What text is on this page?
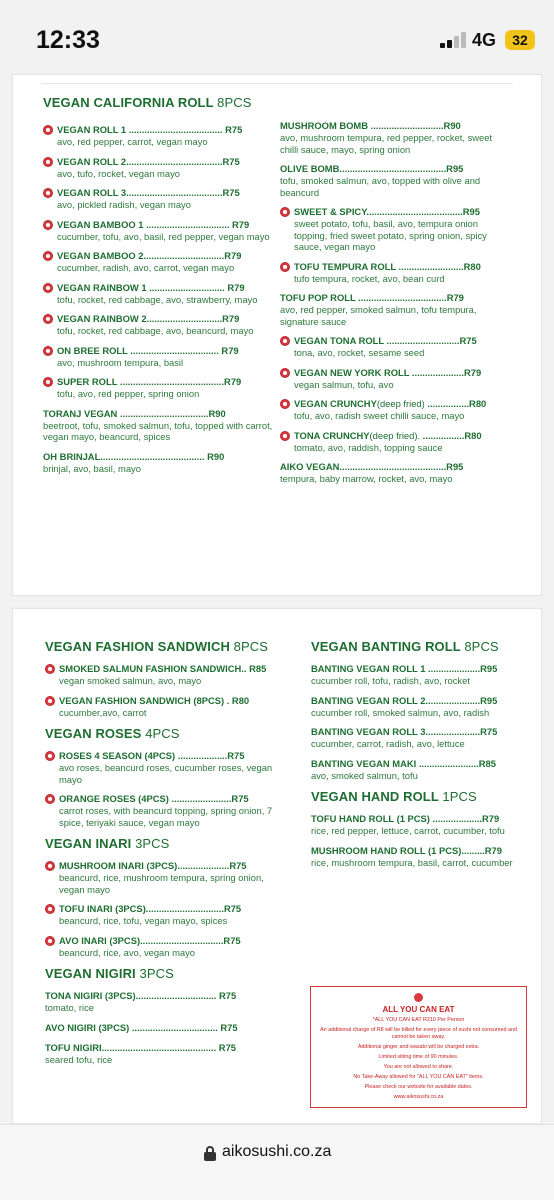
12:33	4G	32
VEGAN CALIFORNIA ROLL 8PCS
VEGAN ROLL 1 .................................... R75
avo, red pepper, carrot, vegan mayo
VEGAN ROLL 2.....................................R75
avo, tufo, rocket, vegan mayo
VEGAN ROLL 3.....................................R75
avo, pickled radish, vegan mayo
VEGAN BAMBOO 1 ................................ R79
cucumber, tofu, avo, basil, red pepper, vegan mayo
VEGAN BAMBOO 2...............................R79
cucumber, radish, avo, carrot, vegan mayo
VEGAN RAINBOW 1 ............................. R79
tofu, rocket, red cabbage, avo, strawberry, mayo
VEGAN RAINBOW 2.............................R79
tofu, rocket, red cabbage, avo, beancurd, mayo
ON BREE ROLL .................................. R79
avo, mushroom tempura, basil
SUPER ROLL ........................................R79
tofu, avo, red pepper, spring onion
TORANJ VEGAN ..................................R90
beetroot, tofu, smoked salmun, tofu, topped with carrot, vegan mayo, beancurd, spices
OH BRINJAL........................................ R90
brinjal, avo, basil, mayo
MUSHROOM BOMB ............................R90
avo, mushroom tempura, red pepper, rocket, sweet chilli sauce, mayo, spring onion
OLIVE BOMB.........................................R95
tofu, smoked salmun, avo, topped with olive and beancurd
SWEET & SPICY.....................................R95
sweet potato, tofu, basil, avo, tempura onion topping, fried sweet potato, spring onion, spicy sauce, vegan mayo
TOFU TEMPURA ROLL .........................R80
tufo tempura, rocket, avo, bean curd
TOFU POP ROLL ..................................R79
avo, red pepper, smoked salmun, tofu tempura, signature sauce
VEGAN TONA ROLL ............................R75
tona, avo, rocket, sesame seed
VEGAN NEW YORK ROLL ....................R79
vegan salmun, tofu, avo
VEGAN CRUNCHY(deep fried) ................R80
tofu, avo, radish sweet chilli sauce, mayo
TONA CRUNCHY(deep fried). ................R80
tomato, avo, raddish, topping sauce
AIKO VEGAN.........................................R95
tempura, baby marrow, rocket, avo, mayo
VEGAN FASHION SANDWICH 8PCS
SMOKED SALMUN FASHION SANDWICH.. R85
vegan smoked salmun, avo, mayo
VEGAN FASHION SANDWICH (8PCS) . R80
cucumber,avo, carrot
VEGAN ROSES 4PCS
ROSES 4 SEASON (4PCS) ...................R75
avo roses, beancurd roses, cucumber roses, vegan mayo
ORANGE ROSES (4PCS) .......................R75
carrot roses, with beancurd topping, spring onion, 7 spice, teriyaki sauce, vegan mayo
VEGAN INARI 3PCS
MUSHROOM INARI (3PCS)....................R75
beancurd, rice, mushroom tempura, spring onion, vegan mayo
TOFU INARI (3PCS)..............................R75
beancurd, rice, tofu, vegan mayo, spices
AVO INARI (3PCS)................................R75
beancurd, rice, avo, vegan mayo
VEGAN NIGIRI 3PCS
TONA NIGIRI (3PCS)............................... R75
tomato, rice
AVO NIGIRI (3PCS) ................................. R75
TOFU NIGIRI............................................ R75
seared tofu, rice
VEGAN BANTING ROLL 8PCS
BANTING VEGAN ROLL 1 ....................R95
cucumber roll, tofu, radish, avo, rocket
BANTING VEGAN ROLL 2.....................R95
cucumber roll, smoked salmun, avo, radish
BANTING VEGAN ROLL 3.....................R75
cucumber, carrot, radish, avo, lettuce
BANTING VEGAN MAKI .......................R85
avo, smoked salmun, tofu
VEGAN HAND ROLL 1PCS
TOFU HAND ROLL (1 PCS) ...................R79
rice, red pepper, lettuce, carrot, cucumber, tofu
MUSHROOM HAND ROLL (1 PCS).........R79
rice, mushroom tempura, basil, carrot, cucumber
ALL YOU CAN EAT
*ALL YOU CAN EAT R210 Per Person
An additional charge of R8 will be billed for every piece of sushi not consumed and cannot be taken away.
Additional ginger and wasabi will be charged extra.
Limited sitting time of 90 minutes.
You are not allowed to share.
No Take-Away allowed for "ALL YOU CAN EAT" items.
Please check our website for available dates.
www.aikosushi.co.za
aikosushi.co.za
